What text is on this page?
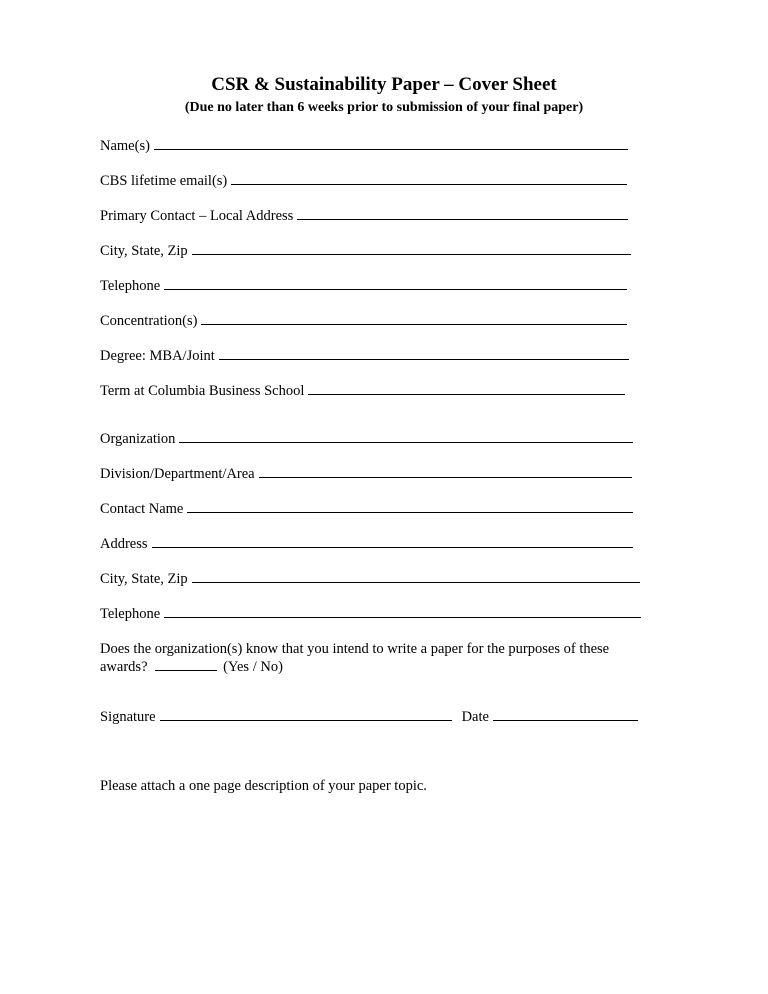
CSR & Sustainability Paper – Cover Sheet
(Due no later than 6 weeks prior to submission of your final paper)
Name(s)
CBS lifetime email(s)
Primary Contact – Local Address
City, State, Zip
Telephone
Concentration(s)
Degree: MBA/Joint
Term at Columbia Business School
Organization
Division/Department/Area
Contact Name
Address
City, State, Zip
Telephone
Does the organization(s) know that you intend to write a paper for the purposes of these awards?	(Yes / No)
Signature	Date
Please attach a one page description of your paper topic.
